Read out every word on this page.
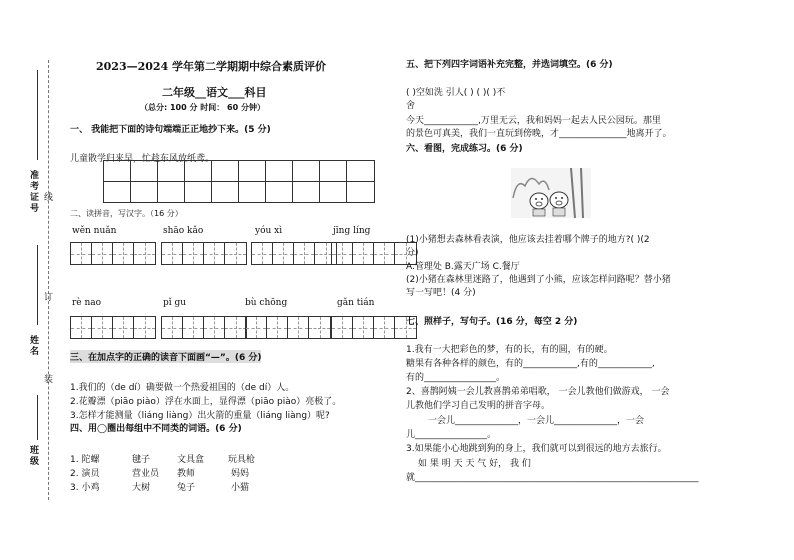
准考证号 线
订
姓名
装
班级
2023—2024 学年第二学期期中综合素质评价
二年级__语文___科目
（总分: 100 分 时间： 60 分钟）
一、 我能把下面的诗句端端正正地抄下来。(5 分)
儿童散学归来早，忙趁东风放纸鸢。
二、读拼音，写汉字。（16 分）
wěn nuǎn	shāo kǎo	yóu xì	jīng líng
rè nao	pǐ gu	bù chōng	gǎn tián
三、在加点字的正确的读音下面画“—”。(6 分)
1.我们的（de dí）确要做一个热爱祖国的（de dí）人。
2.花瓣漂（piāo piào）浮在水面上，显得漂（piāo piào）亮极了。
3.怎样才能测量（liáng liàng）出火箭的重量（liáng liàng）呢?
四、用◯圈出每组中不同类的词语。(6 分)
1. 陀螺	毽子	文具盒	玩具枪
2. 演员	营业员 教师	妈妈
3. 小鸡	大树	兔子	小猫
五、把下列四字词语补充完整，并选词填空。(6 分)
( )空如洗 引人( ) ( )( )不
舍
今天____________,万里无云，我和妈妈一起去人民公园玩。那里
的景色可真美，我们一直玩到傍晚，才_______________地离开了。
六、看图，完成练习。(6 分)
(1)小猪想去森林看表演，他应该去挂着哪个牌子的地方?( )(2
分)
A.管理处 B.露天广场 C.餐厅
(2)小猪在森林里迷路了，他遇到了小熊，应该怎样问路呢？替小猪
写一写吧！(4 分)
七、照样子，写句子。(16 分，每空 2 分)
1.我有一大把彩色的梦，有的长，有的圆，有的硬。
糖果有各种各样的颜色，有的____________,有的____________,
有的________________。
2、喜鹊阿姨一会儿教喜鹊弟弟唱歌， 一会儿教他们做游戏， 一会
儿教他们学习自己发明的拼音字母。
一会儿______________，一会儿______________，一会
儿________________。
3.如果能小心地跳到狗的身上，我们就可以到很远的地方去旅行。
如 果 明 天 天 气 好， 我 们
就_______________________________________________________________
